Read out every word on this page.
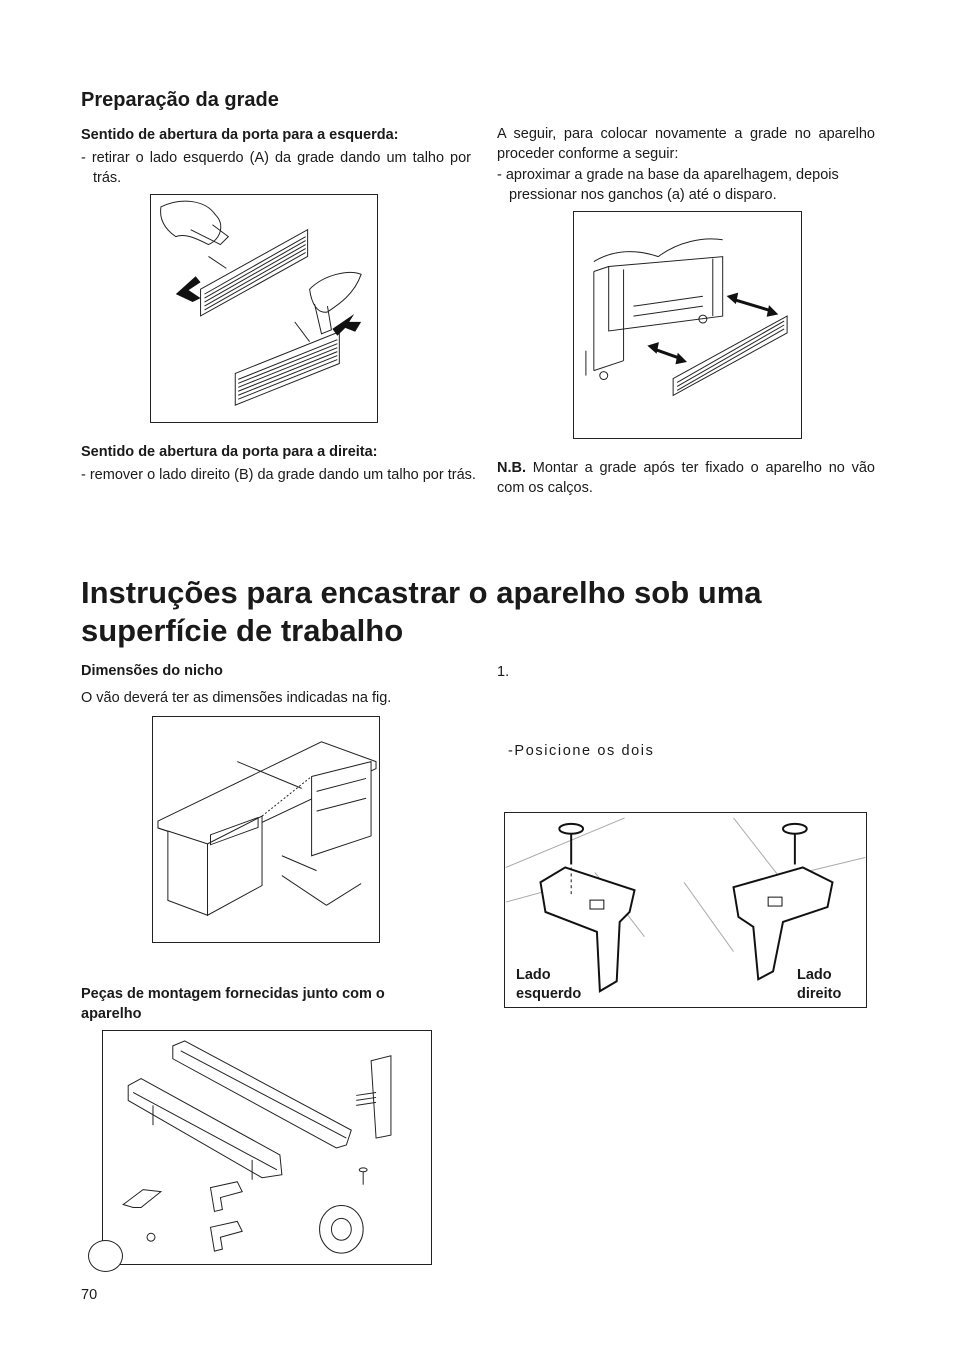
Preparação da grade
Sentido de abertura da porta para a esquerda:
- retirar o lado esquerdo (A) da grade dando um talho por trás.
Sentido de abertura da porta para a direita:
- remover o lado direito (B) da grade dando um talho por trás.
A seguir, para colocar novamente a grade no aparelho proceder conforme a seguir:
- aproximar a grade na base da aparelhagem, depois pressionar nos ganchos (a) até o disparo.
N.B. Montar a grade após ter fixado o aparelho no vão com os calços.
Instruções para encastrar o aparelho sob uma superfície de trabalho
Dimensões do nicho
O vão deverá ter as dimensões indicadas na fig.
Peças de montagem fornecidas junto com o aparelho
70
1.
-Posicione os dois
Lado esquerdo
Lado direito
